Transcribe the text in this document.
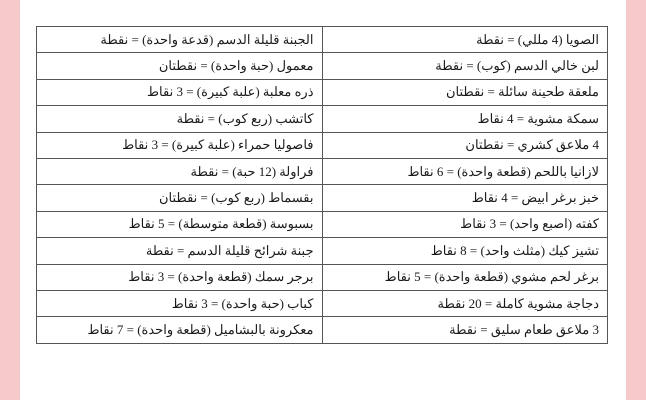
الصويا (4 مللي) = نقطة	الجبنة قليلة الدسم (قدعة واحدة) = نقطة
لبن خالي الدسم (كوب) = نقطة	معمول (حبة واحدة) = نقطتان
ملعقة طحينة سائلة = نقطتان	ذره معلبة (علبة كبيرة) = 3 نقاط
سمكة مشوية = 4 نقاط	كاتشب (ربع كوب) = نقطة
4 ملاعق كشري = نقطتان	فاصوليا حمراء (علبة كبيرة) = 3 نقاط
لازانيا باللحم (قطعة واحدة) = 6 نقاط	فراولة (12 حبة) = نقطة
خبز برغر ابيض = 4 نقاط	بقسماط (ربع كوب) = نقطتان
كفته (اصبع واحد) = 3 نقاط	بسبوسة (قطعة متوسطة) = 5 نقاط
تشيز كيك (مثلث واحد) = 8 نقاط	جبنة شرائح قليلة الدسم = نقطة
برغر لحم مشوي (قطعة واحدة) = 5 نقاط	برجر سمك (قطعة واحدة) = 3 نقاط
دجاجة مشوية كاملة = 20 نقطة	كباب (حبة واحدة) = 3 نقاط
3 ملاعق طعام سليق = نقطة	معكرونة بالبشاميل (قطعة واحدة) = 7 نقاط
